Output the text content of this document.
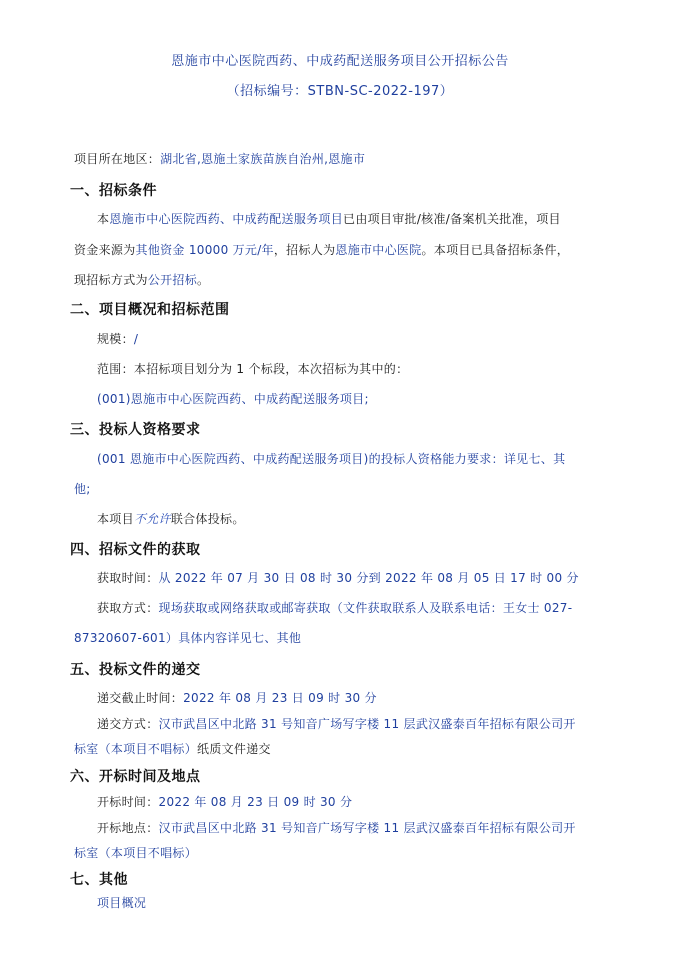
恩施市中心医院西药、中成药配送服务项目公开招标公告
（招标编号：STBN-SC-2022-197）
项目所在地区：湖北省,恩施土家族苗族自治州,恩施市
一、招标条件
本恩施市中心医院西药、中成药配送服务项目已由项目审批/核准/备案机关批准，项目
资金来源为其他资金 10000 万元/年，招标人为恩施市中心医院。本项目已具备招标条件，
现招标方式为公开招标。
二、项目概况和招标范围
规模：/
范围：本招标项目划分为 1 个标段，本次招标为其中的：
(001)恩施市中心医院西药、中成药配送服务项目;
三、投标人资格要求
(001 恩施市中心医院西药、中成药配送服务项目)的投标人资格能力要求：详见七、其
他;
本项目不允许联合体投标。
四、招标文件的获取
获取时间：从 2022 年 07 月 30 日 08 时 30 分到 2022 年 08 月 05 日 17 时 00 分
获取方式：现场获取或网络获取或邮寄获取（文件获取联系人及联系电话：王女士 027-
87320607-601）具体内容详见七、其他
五、投标文件的递交
递交截止时间：2022 年 08 月 23 日 09 时 30 分
递交方式：汉市武昌区中北路 31 号知音广场写字楼 11 层武汉盛泰百年招标有限公司开
标室（本项目不唱标）纸质文件递交
六、开标时间及地点
开标时间：2022 年 08 月 23 日 09 时 30 分
开标地点：汉市武昌区中北路 31 号知音广场写字楼 11 层武汉盛泰百年招标有限公司开
标室（本项目不唱标）
七、其他
项目概况
